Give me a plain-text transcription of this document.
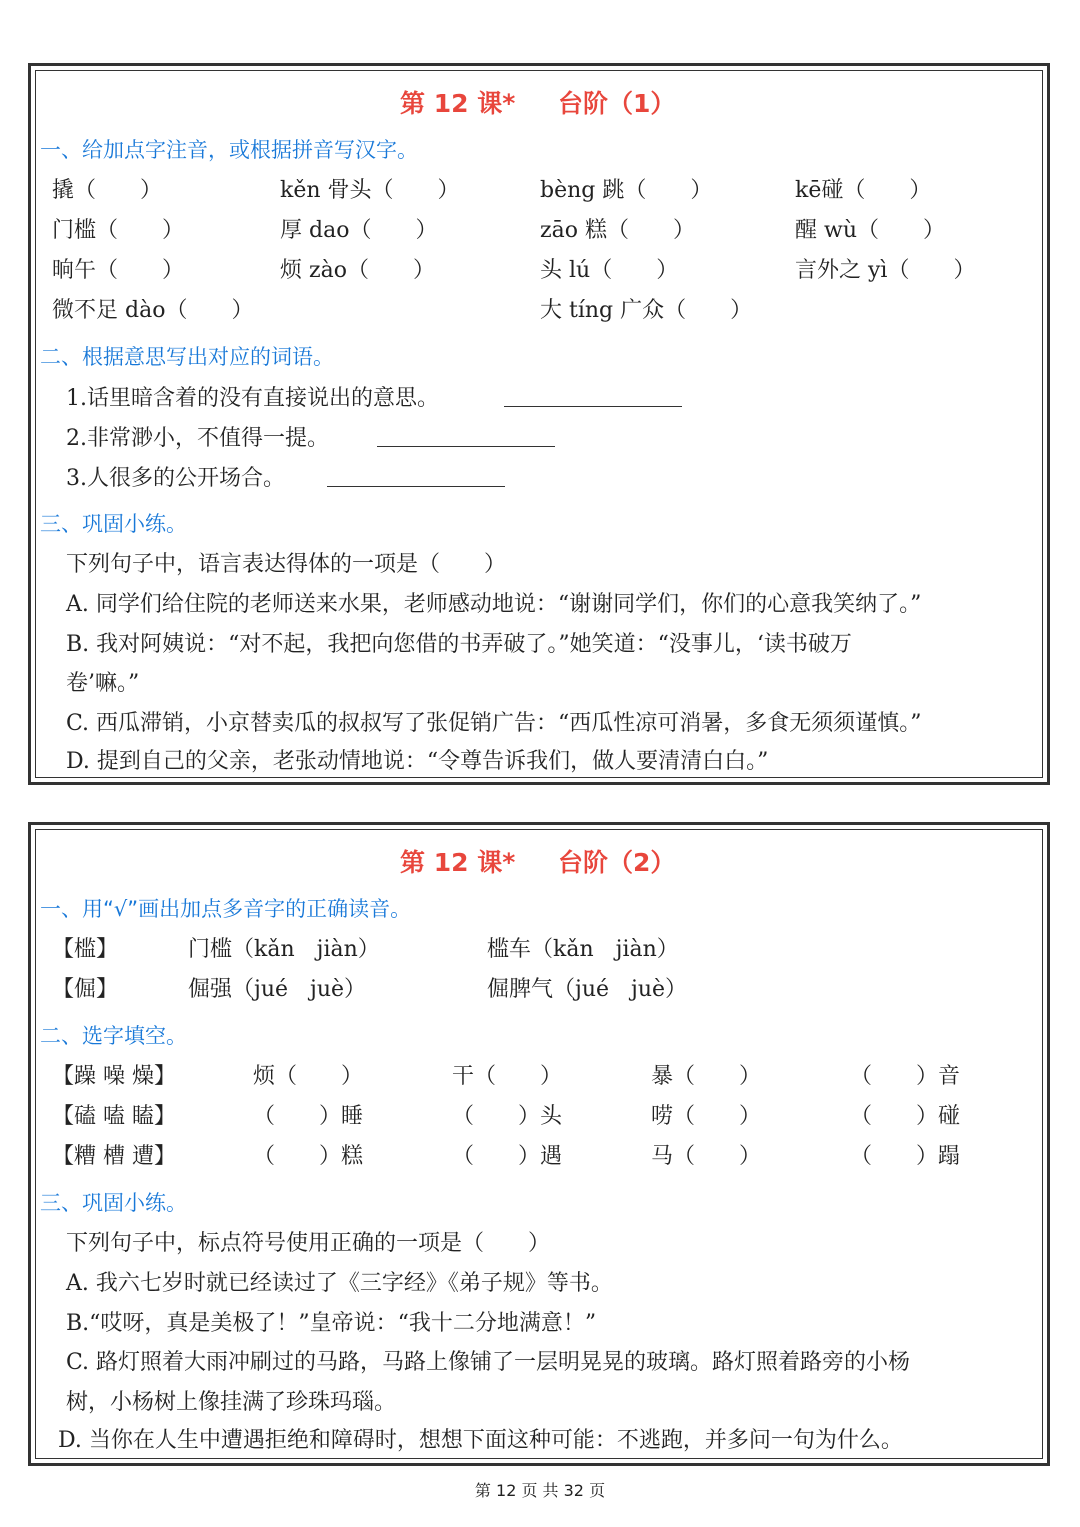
第 12 课* 台阶（1）
一、给加点字注音，或根据拼音写汉字。
撬（　　）	kěn 骨头（　　）	bèng 跳（　　）	kē碰（　　）
门槛（　　）	厚 dao（　　）	zāo 糕（　　）	醒 wù（　　）
晌午（　　）	烦 zào（　　）	头 lú（　　）	言外之 yì（　　）
微不足 dào（　　）	大 tíng 广众（　　）
二、根据意思写出对应的词语。
1.话里暗含着的没有直接说出的意思。
2.非常渺小，不值得一提。
3.人很多的公开场合。
三、巩固小练。
下列句子中，语言表达得体的一项是（　　）
A. 同学们给住院的老师送来水果，老师感动地说：“谢谢同学们，你们的心意我笑纳了。”
B. 我对阿姨说：“对不起，我把向您借的书弄破了。”她笑道：“没事儿，‘读书破万
卷’嘛。”
C. 西瓜滞销，小京替卖瓜的叔叔写了张促销广告：“西瓜性凉可消暑，多食无须须谨慎。”
D. 提到自己的父亲，老张动情地说：“令尊告诉我们，做人要清清白白。”
第 12 课* 台阶（2）
一、用“√”画出加点多音字的正确读音。
【槛】	门槛（kǎn　jiàn）	槛车（kǎn　jiàn）
【倔】	倔强（jué　juè）	倔脾气（jué　juè）
二、选字填空。
【躁 噪 燥】	烦（　　）	干（　　）	暴（　　）	（　　）音
【磕 嗑 瞌】	（　　）睡	（　　）头	唠（　　）	（　　）碰
【糟 槽 遭】	（　　）糕	（　　）遇	马（　　）	（　　）蹋
三、巩固小练。
下列句子中，标点符号使用正确的一项是（　　）
A. 我六七岁时就已经读过了《三字经》《弟子规》等书。
B.“哎呀，真是美极了！”皇帝说：“我十二分地满意！”
C. 路灯照着大雨冲刷过的马路，马路上像铺了一层明晃晃的玻璃。路灯照着路旁的小杨
树，小杨树上像挂满了珍珠玛瑙。
D. 当你在人生中遭遇拒绝和障碍时，想想下面这种可能：不逃跑，并多问一句为什么。
第 12 页 共 32 页
